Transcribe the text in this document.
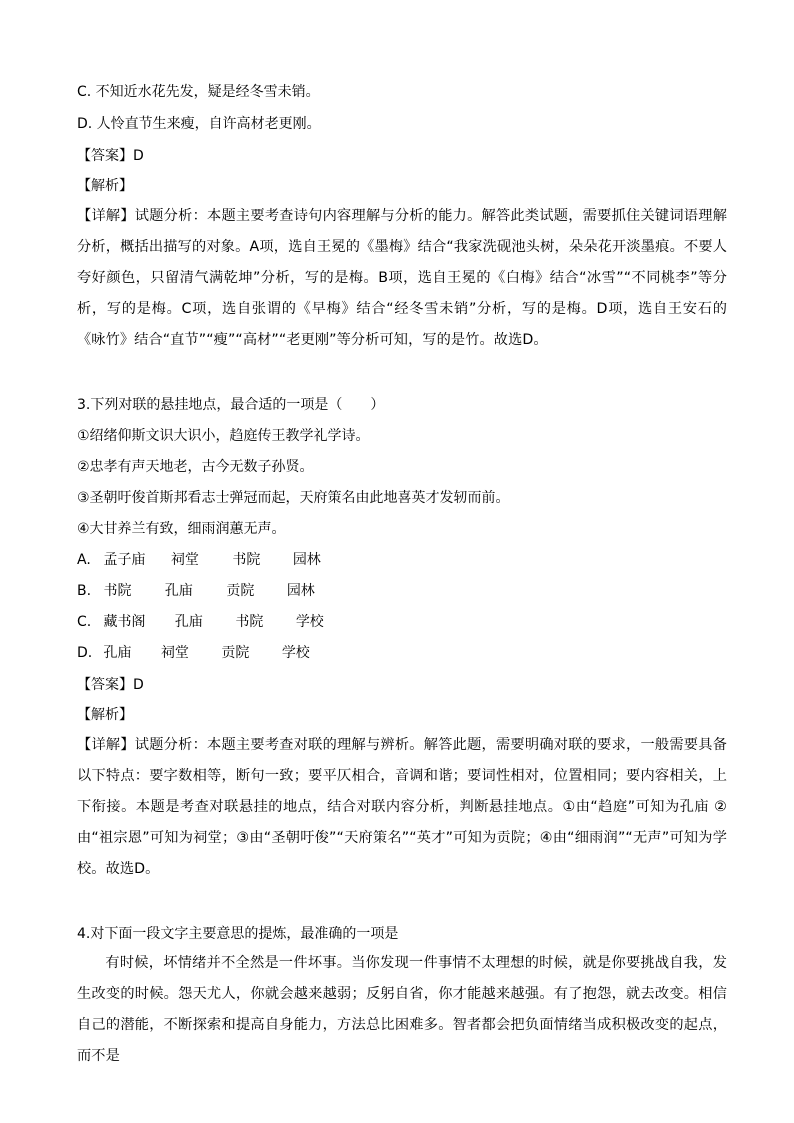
C. 不知近水花先发，疑是经冬雪未销。
D. 人怜直节生来瘦，自许高材老更刚。
【答案】D
【解析】
【详解】试题分析：本题主要考查诗句内容理解与分析的能力。解答此类试题，需要抓住关键词语理解分析，概括出描写的对象。A项，选自王冕的《墨梅》结合“我家洗砚池头树，朵朵花开淡墨痕。不要人夸好颜色，只留清气满乾坤”分析，写的是梅。B项，选自王冕的《白梅》结合“冰雪”“不同桃李”等分析，写的是梅。C项，选自张谓的《早梅》结合“经冬雪未销”分析，写的是梅。D项，选自王安石的《咏竹》结合“直节”“瘦”“高材”“老更刚”等分析可知，写的是竹。故选D。
3.下列对联的悬挂地点，最合适的一项是（　　）
①绍绪仰斯文识大识小，趋庭传王教学礼学诗。
②忠孝有声天地老，古今无数子孙贤。
③圣朝吁俊首斯邦看志士弹冠而起，天府策名由此地喜英才发轫而前。
④大甘养兰有致，细雨润蕙无声。
A. 孟子庙 祠堂 书院 园林
B. 书院 孔庙 贡院 园林
C. 藏书阁 孔庙 书院 学校
D. 孔庙 祠堂 贡院 学校
【答案】D
【解析】
【详解】试题分析：本题主要考查对联的理解与辨析。解答此题，需要明确对联的要求，一般需要具备以下特点：要字数相等，断句一致；要平仄相合，音调和谐；要词性相对，位置相同；要内容相关，上下衔接。本题是考查对联悬挂的地点，结合对联内容分析，判断悬挂地点。①由“趋庭”可知为孔庙 ②由“祖宗恩”可知为祠堂；③由“圣朝吁俊”“天府策名”“英才”可知为贡院；④由“细雨润”“无声”可知为学校。故选D。
4.对下面一段文字主要意思的提炼，最准确的一项是
有时候，坏情绪并不全然是一件坏事。当你发现一件事情不太理想的时候，就是你要挑战自我，发生改变的时候。怨天尤人，你就会越来越弱；反躬自省，你才能越来越强。有了抱怨，就去改变。相信自己的潜能，不断探索和提高自身能力，方法总比困难多。智者都会把负面情绪当成积极改变的起点，而不是
